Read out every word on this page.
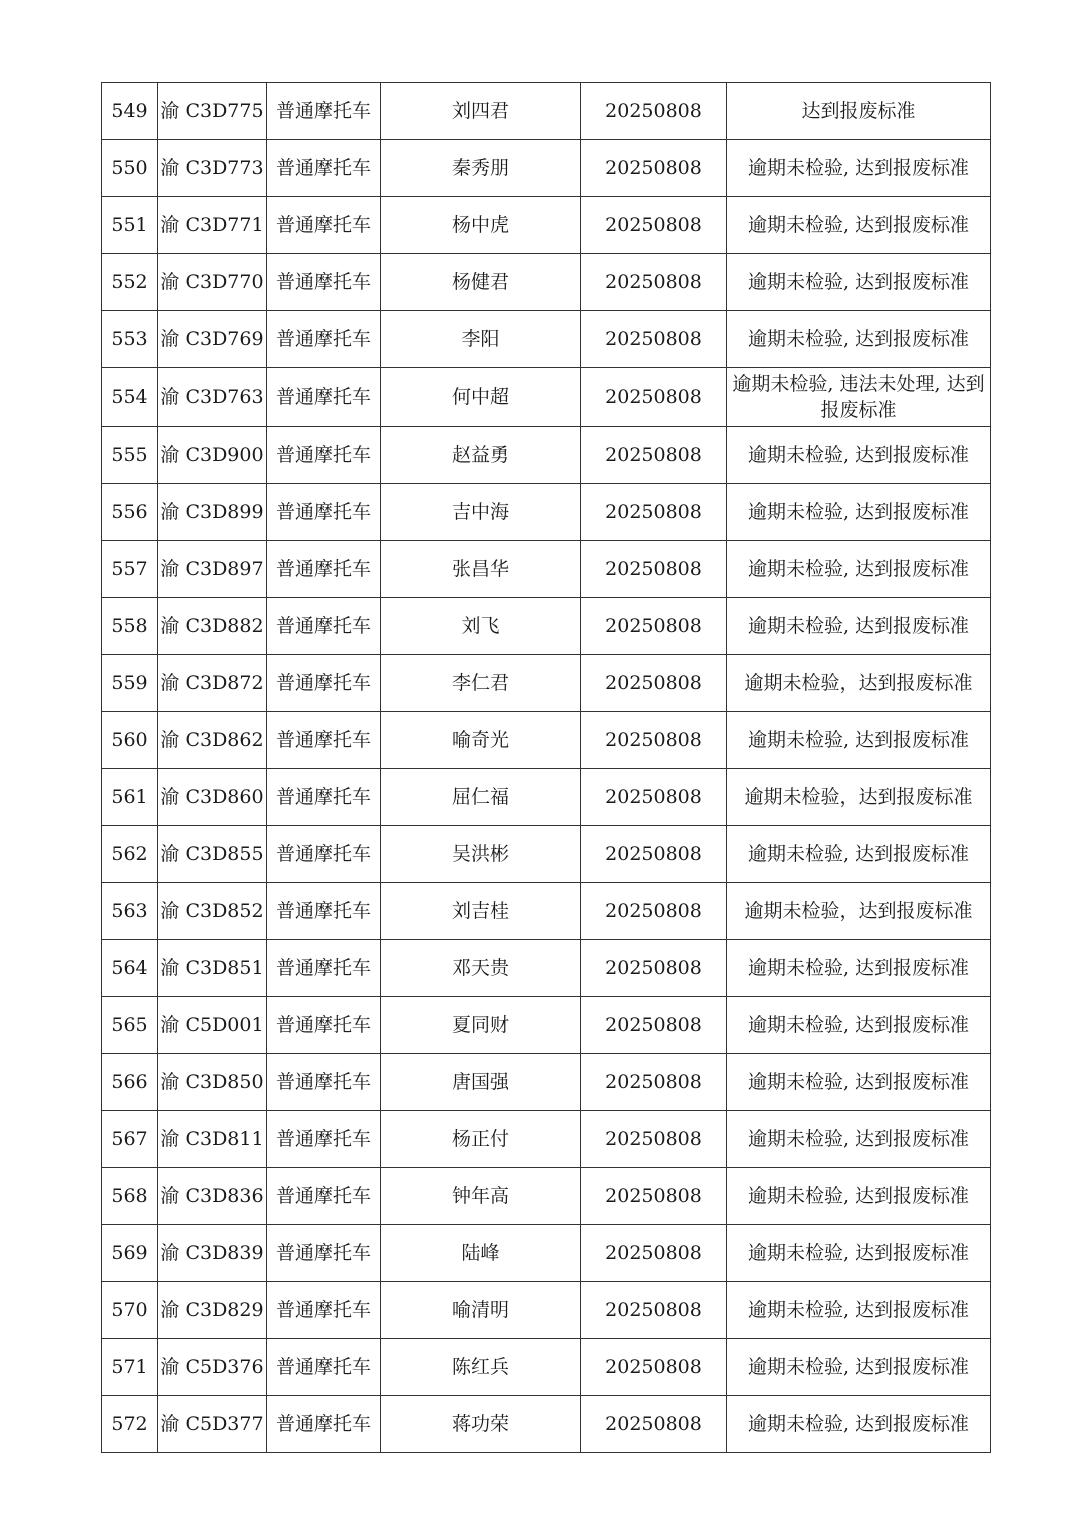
549	渝 C3D775	普通摩托车	刘四君	20250808	达到报废标准
550	渝 C3D773	普通摩托车	秦秀朋	20250808	逾期未检验, 达到报废标准
551	渝 C3D771	普通摩托车	杨中虎	20250808	逾期未检验, 达到报废标准
552	渝 C3D770	普通摩托车	杨健君	20250808	逾期未检验, 达到报废标准
553	渝 C3D769	普通摩托车	李阳	20250808	逾期未检验, 达到报废标准
554	渝 C3D763	普通摩托车	何中超	20250808	逾期未检验, 违法未处理, 达到报废标准
555	渝 C3D900	普通摩托车	赵益勇	20250808	逾期未检验, 达到报废标准
556	渝 C3D899	普通摩托车	吉中海	20250808	逾期未检验, 达到报废标准
557	渝 C3D897	普通摩托车	张昌华	20250808	逾期未检验, 达到报废标准
558	渝 C3D882	普通摩托车	刘飞	20250808	逾期未检验, 达到报废标准
559	渝 C3D872	普通摩托车	李仁君	20250808	逾期未检验，达到报废标准
560	渝 C3D862	普通摩托车	喻奇光	20250808	逾期未检验, 达到报废标准
561	渝 C3D860	普通摩托车	屈仁福	20250808	逾期未检验，达到报废标准
562	渝 C3D855	普通摩托车	吴洪彬	20250808	逾期未检验, 达到报废标准
563	渝 C3D852	普通摩托车	刘吉桂	20250808	逾期未检验，达到报废标准
564	渝 C3D851	普通摩托车	邓天贵	20250808	逾期未检验, 达到报废标准
565	渝 C5D001	普通摩托车	夏同财	20250808	逾期未检验, 达到报废标准
566	渝 C3D850	普通摩托车	唐国强	20250808	逾期未检验, 达到报废标准
567	渝 C3D811	普通摩托车	杨正付	20250808	逾期未检验, 达到报废标准
568	渝 C3D836	普通摩托车	钟年高	20250808	逾期未检验, 达到报废标准
569	渝 C3D839	普通摩托车	陆峰	20250808	逾期未检验, 达到报废标准
570	渝 C3D829	普通摩托车	喻清明	20250808	逾期未检验, 达到报废标准
571	渝 C5D376	普通摩托车	陈红兵	20250808	逾期未检验, 达到报废标准
572	渝 C5D377	普通摩托车	蒋功荣	20250808	逾期未检验, 达到报废标准
